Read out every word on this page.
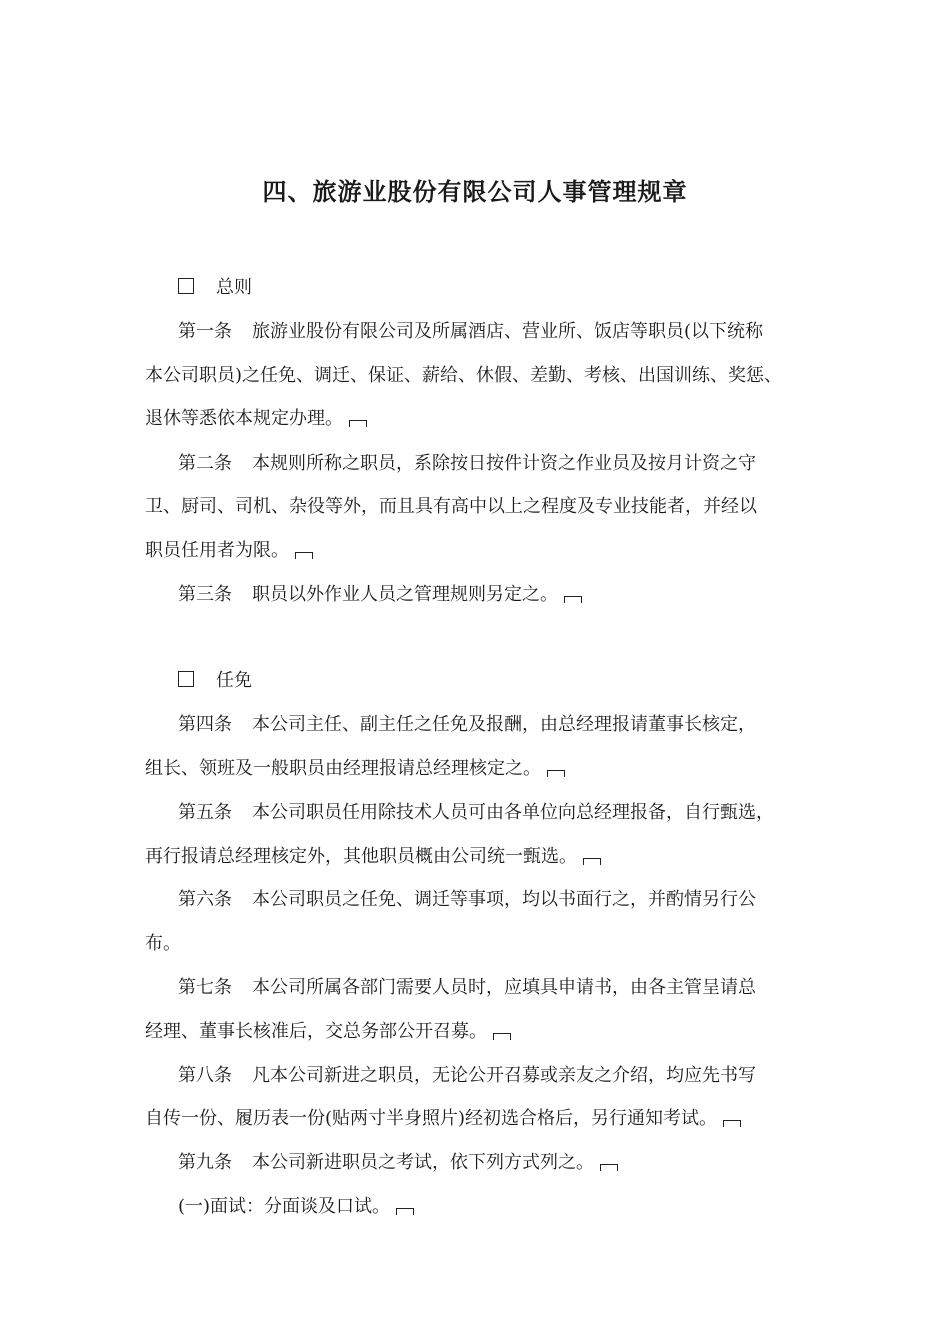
四、旅游业股份有限公司人事管理规章
总则
第一条 旅游业股份有限公司及所属酒店、营业所、饭店等职员(以下统称
本公司职员)之任免、调迁、保证、薪给、休假、差勤、考核、出国训练、奖惩、
退休等悉依本规定办理。
第二条 本规则所称之职员，系除按日按件计资之作业员及按月计资之守
卫、厨司、司机、杂役等外，而且具有高中以上之程度及专业技能者，并经以
职员任用者为限。
第三条 职员以外作业人员之管理规则另定之。
任免
第四条 本公司主任、副主任之任免及报酬，由总经理报请董事长核定，
组长、领班及一般职员由经理报请总经理核定之。
第五条 本公司职员任用除技术人员可由各单位向总经理报备，自行甄选，
再行报请总经理核定外，其他职员概由公司统一甄选。
第六条 本公司职员之任免、调迁等事项，均以书面行之，并酌情另行公
布。
第七条 本公司所属各部门需要人员时，应填具申请书，由各主管呈请总
经理、董事长核准后，交总务部公开召募。
第八条 凡本公司新进之职员，无论公开召募或亲友之介绍，均应先书写
自传一份、履历表一份(贴两寸半身照片)经初选合格后，另行通知考试。
第九条 本公司新进职员之考试，依下列方式列之。
(一)面试：分面谈及口试。
